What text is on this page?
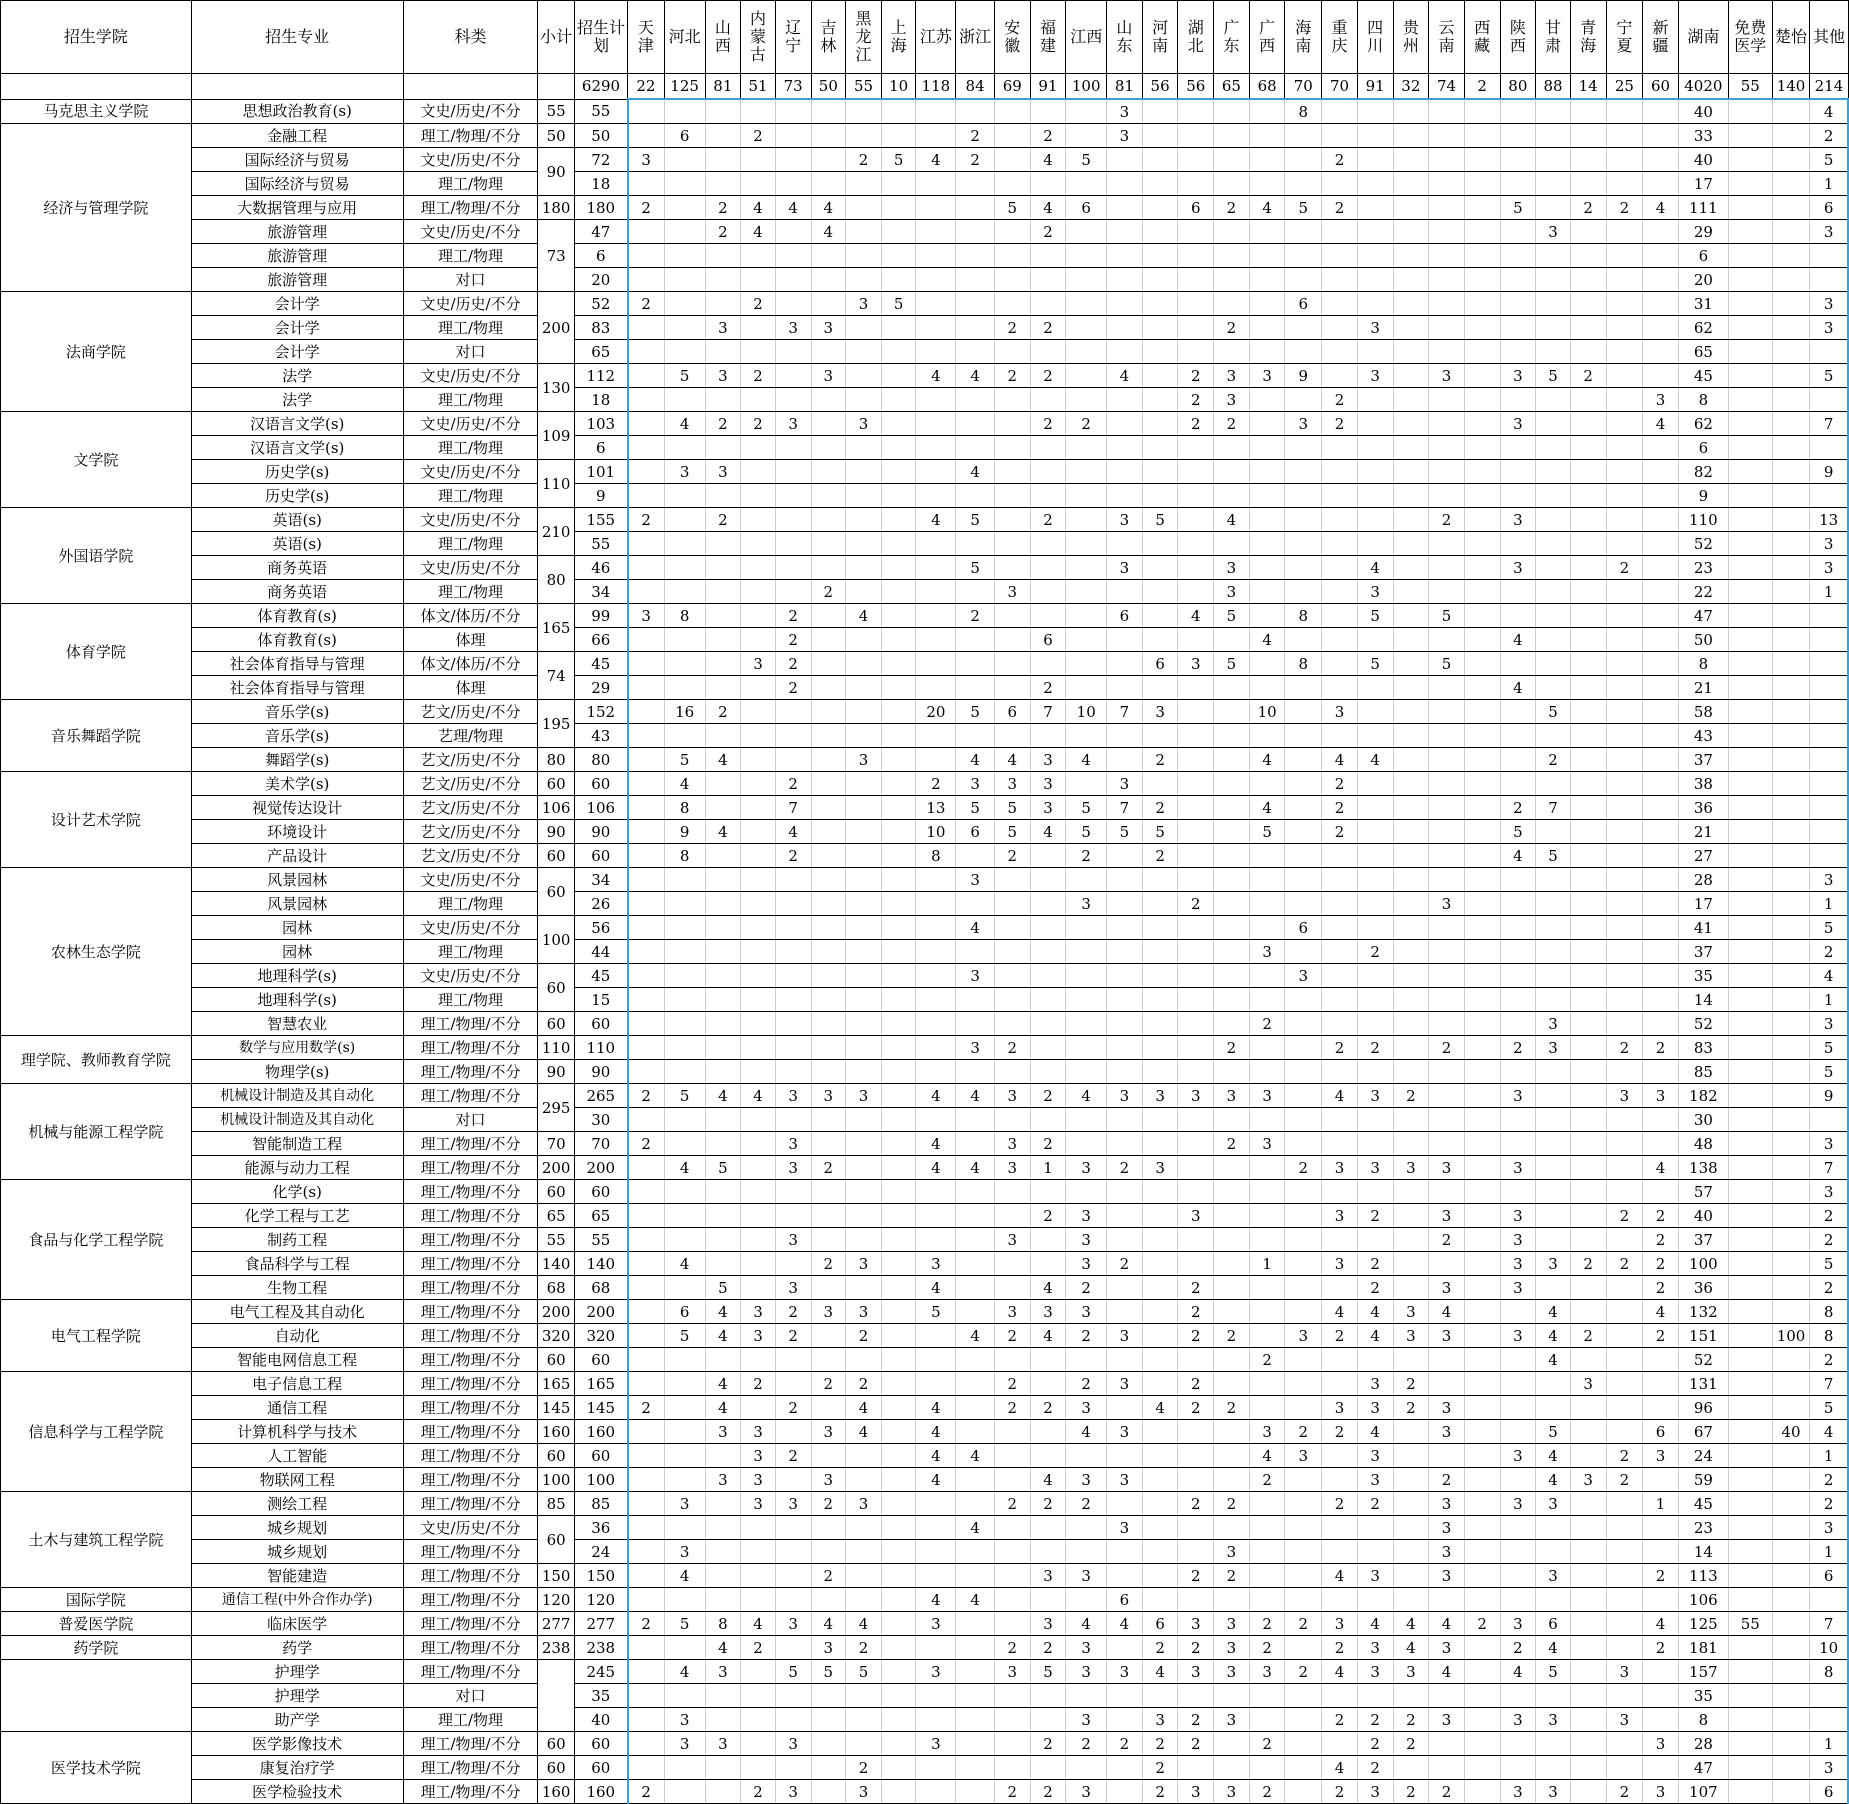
招生学院	招生专业	科类	小计	招生计划	天津	河北	山西	内蒙古	辽宁	吉林	黑龙江	上海	江苏	浙江	安徽	福建	江西	山东	河南	湖北	广东	广西	海南	重庆	四川	贵州	云南	西藏	陕西	甘肃	青海	宁夏	新疆	湖南	免费医学	楚怡	其他
				6290	22	125	81	51	73	50	55	10	118	84	69	91	100	81	56	56	65	68	70	70	91	32	74	2	80	88	14	25	60	4020	55	140	214
马克思主义学院	思想政治教育(s)	文史/历史/不分	55	55														3					8											40			4
经济与管理学院	金融工程	理工/物理/不分	50	50		6		2						2		2		3																33			2
	国际经济与贸易	文史/历史/不分	90	72	3						2	5	4	2		4	5							2										40			5
	国际经济与贸易	理工/物理		18																														17			1
	大数据管理与应用	理工/物理/不分	180	180	2		2	4	4	4					5	4	6			6	2	4	5	2					5		2	2	4	111			6
	旅游管理	文史/历史/不分	73	47			2	4		4						2														3				29			3
	旅游管理	理工/物理		6																														6			
	旅游管理	对口		20																														20			
法商学院	会计学	文史/历史/不分	200	52	2			2			3	5											6											31			3
	会计学	理工/物理		83			3		3	3					2	2					2				3									62			3
	会计学	对口		65																														65			
	法学	文史/历史/不分	130	112		5	3	2		3			4	4	2	2		4		2	3	3	9		3		3		3	5	2			45			5
	法学	理工/物理		18																2	3			2									3	8			
文学院	汉语言文学(s)	文史/历史/不分	109	103		4	2	2	3		3					2	2			2	2		3	2					3				4	62			7
	汉语言文学(s)	理工/物理		6																														6			
	历史学(s)	文史/历史/不分	110	101		3	3							4																				82			9
	历史学(s)	理工/物理		9																														9			
外国语学院	英语(s)	文史/历史/不分	210	155	2		2						4	5		2		3	5		4						2		3					110			13
	英语(s)	理工/物理		55																														52			3
	商务英语	文史/历史/不分	80	46										5				3			3				4				3			2		23			3
	商务英语	理工/物理		34						2					3						3				3									22			1
体育学院	体育教育(s)	体文/体历/不分	165	99	3	8			2		4			2				6		4	5		8		5		5							47			
	体育教育(s)	体理		66					2							6						4							4					50			
	社会体育指导与管理	体文/体历/不分	74	45				3	2										6	3	5		8		5		5							8			
	社会体育指导与管理	体理		29					2							2													4					21			
音乐舞蹈学院	音乐学(s)	艺文/历史/不分	195	152		16	2						20	5	6	7	10	7	3			10		3						5				58			
	音乐学(s)	艺理/物理		43																														43			
	舞蹈学(s)	艺文/历史/不分	80	80		5	4				3			4	4	3	4		2			4		4	4					2				37			
设计艺术学院	美术学(s)	艺文/历史/不分	60	60		4			2				2	3	3	3		3						2										38			
	视觉传达设计	艺文/历史/不分	106	106		8			7				13	5	5	3	5	7	2			4		2					2	7				36			
	环境设计	艺文/历史/不分	90	90		9	4		4				10	6	5	4	5	5	5			5		2					5					21			
	产品设计	艺文/历史/不分	60	60		8			2				8		2		2		2										4	5				27			
农林生态学院	风景园林	文史/历史/不分	60	34										3																				28			3
	风景园林	理工/物理		26													3			2							3							17			1
	园林	文史/历史/不分	100	56										4									6											41			5
	园林	理工/物理		44																		3			2									37			2
	地理科学(s)	文史/历史/不分	60	45										3									3											35			4
	地理科学(s)	理工/物理		15																														14			1
	智慧农业	理工/物理/不分	60	60																		2								3				52			3
理学院、教师教育学院	数学与应用数学(s)	理工/物理/不分	110	110										3	2						2			2	2		2		2	3		2	2	83			5
	物理学(s)	理工/物理/不分	90	90																														85			5
机械与能源工程学院	机械设计制造及其自动化	理工/物理/不分	295	265	2	5	4	4	3	3	3		4	4	3	2	4	3	3	3	3	3		4	3	2			3			3	3	182			9
	机械设计制造及其自动化	对口		30																														30			
	智能制造工程	理工/物理/不分	70	70	2				3				4		3	2					2	3												48			3
	能源与动力工程	理工/物理/不分	200	200		4	5		3	2			4	4	3	1	3	2	3				2	3	3	3	3		3				4	138			7
食品与化学工程学院	化学(s)	理工/物理/不分	60	60																														57			3
	化学工程与工艺	理工/物理/不分	65	65												2	3			3				3	2		3		3			2	2	40			2
	制药工程	理工/物理/不分	55	55					3						3		3										2		3				2	37			2
	食品科学与工程	理工/物理/不分	140	140		4				2	3		3				3	2				1		3	2				3	3	2	2	2	100			5
	生物工程	理工/物理/不分	68	68			5		3				4			4	2			2					2		3		3				2	36			2
电气工程学院	电气工程及其自动化	理工/物理/不分	200	200		6	4	3	2	3	3		5		3	3	3			2				4	4	3	4			4			4	132			8
	自动化	理工/物理/不分	320	320		5	4	3	2		2			4	2	4	2	3		2	2		3	2	4	3	3		3	4	2		2	151		100	8
	智能电网信息工程	理工/物理/不分	60	60																		2								4				52			2
信息科学与工程学院	电子信息工程	理工/物理/不分	165	165			4	2		2	2				2		2	3		2					3	2					3			131			7
	通信工程	理工/物理/不分	145	145	2		4		2		4		4		2	2	3		4	2	2			3	3	2	3							96			5
	计算机科学与技术	理工/物理/不分	160	160			3	3		3	4		4				4	3				3	2	2	4		3			5			6	67		40	4
	人工智能	理工/物理/不分	60	60				3	2				4	4								4	3		3				3	4		2	3	24			1
	物联网工程	理工/物理/不分	100	100			3	3		3			4			4	3	3				2			3		2			4	3	2		59			2
土木与建筑工程学院	测绘工程	理工/物理/不分	85	85		3		3	3	2	3				2	2	2			2	2			2	2		3		3	3			1	45			2
	城乡规划	文史/历史/不分	60	36										4				3									3							23			3
	城乡规划	理工/物理/不分		24		3															3						3							14			1
	智能建造	理工/物理/不分	150	150		4				2						3	3			2	2			4	3		3			3			2	113			6
国际学院	通信工程(中外合作办学)	理工/物理/不分	120	120									4	4				6																106			
普爱医学院	临床医学	理工/物理/不分	277	277	2	5	8	4	3	4	4		3			3	4	4	6	3	3	2	2	3	4	4	4	2	3	6			4	125	55		7
药学院	药学	理工/物理/不分	238	238			4	2		3	2				2	2	3		2	2	3	2		2	3	4	3		2	4			2	181			10
	护理学	理工/物理/不分		245		4	3		5	5	5		3		3	5	3	3	4	3	3	3	2	4	3	3	4		4	5		3		157			8
	护理学	对口		35																														35			
	助产学	理工/物理		40		3											3		3	2	3			2	2	2	3		3	3		3		8			
医学技术学院	医学影像技术	理工/物理/不分	60	60		3	3		3				3			2	2	2	2	2		2			2	2							3	28			1
	康复治疗学	理工/物理/不分	60	60							2								2					4	2									47			3
	医学检验技术	理工/物理/不分	160	160	2			2	3		3				2	2	3		2	3	3	2		2	3	2	2		3	3		2	3	107			6
